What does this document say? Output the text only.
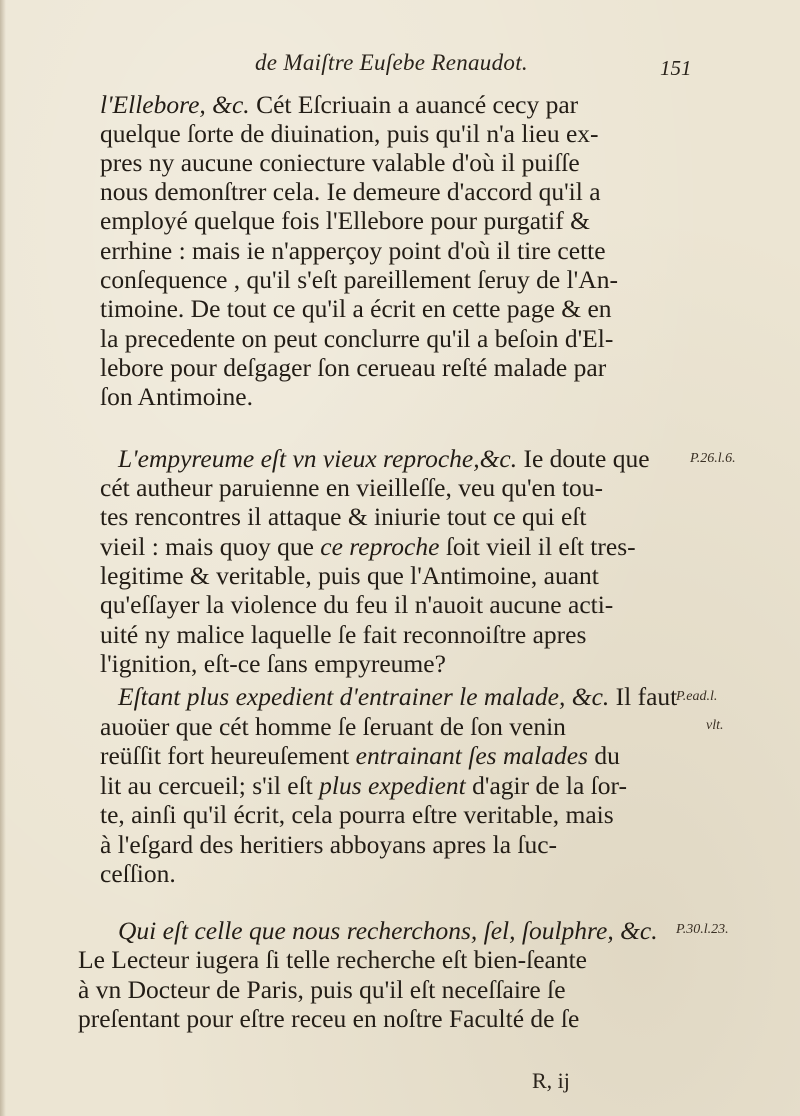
de Maiſtre Euſebe Renaudot.	151
l'Ellebore, &c. Cét Eſcriuain a auancé cecy par
quelque ſorte de diuination, puis qu'il n'a lieu ex-
pres ny aucune coniecture valable d'où il puiſſe
nous demonſtrer cela. Ie demeure d'accord qu'il a
employé quelque fois l'Ellebore pour purgatif &
errhine : mais ie n'apperçoy point d'où il tire cette
conſequence , qu'il s'eſt pareillement ſeruy de l'An-
timoine. De tout ce qu'il a écrit en cette page & en
la precedente on peut conclurre qu'il a beſoin d'El-
lebore pour deſgager ſon cerueau reſté malade par
ſon Antimoine.
L'empyreume eſt vn vieux reproche,&c. Ie doute que
cét autheur paruienne en vieilleſſe, veu qu'en tou-
tes rencontres il attaque & iniurie tout ce qui eſt
vieil : mais quoy que ce reproche ſoit vieil il eſt tres-
legitime & veritable, puis que l'Antimoine, auant
qu'eſſayer la violence du feu il n'auoit aucune acti-
uité ny malice laquelle ſe fait reconnoiſtre apres
l'ignition, eſt-ce ſans empyreume?
Eſtant plus expedient d'entrainer le malade, &c. Il faut
auoüer que cét homme ſe ſeruant de ſon venin
reüſſit fort heureuſement entrainant ſes malades du
lit au cercueil; s'il eſt plus expedient d'agir de la ſor-
te, ainſi qu'il écrit, cela pourra eſtre veritable, mais
à l'eſgard des heritiers abboyans apres la ſuc-
ceſſion.
Qui eſt celle que nous recherchons, ſel, ſoulphre, &c.
Le Lecteur iugera ſi telle recherche eſt bien-ſeante
à vn Docteur de Paris, puis qu'il eſt neceſſaire ſe
preſentant pour eſtre receu en noſtre Faculté de ſe
P.26.l.6.
P.ead.l.
vlt.
P.30.l.23.
R, ij
